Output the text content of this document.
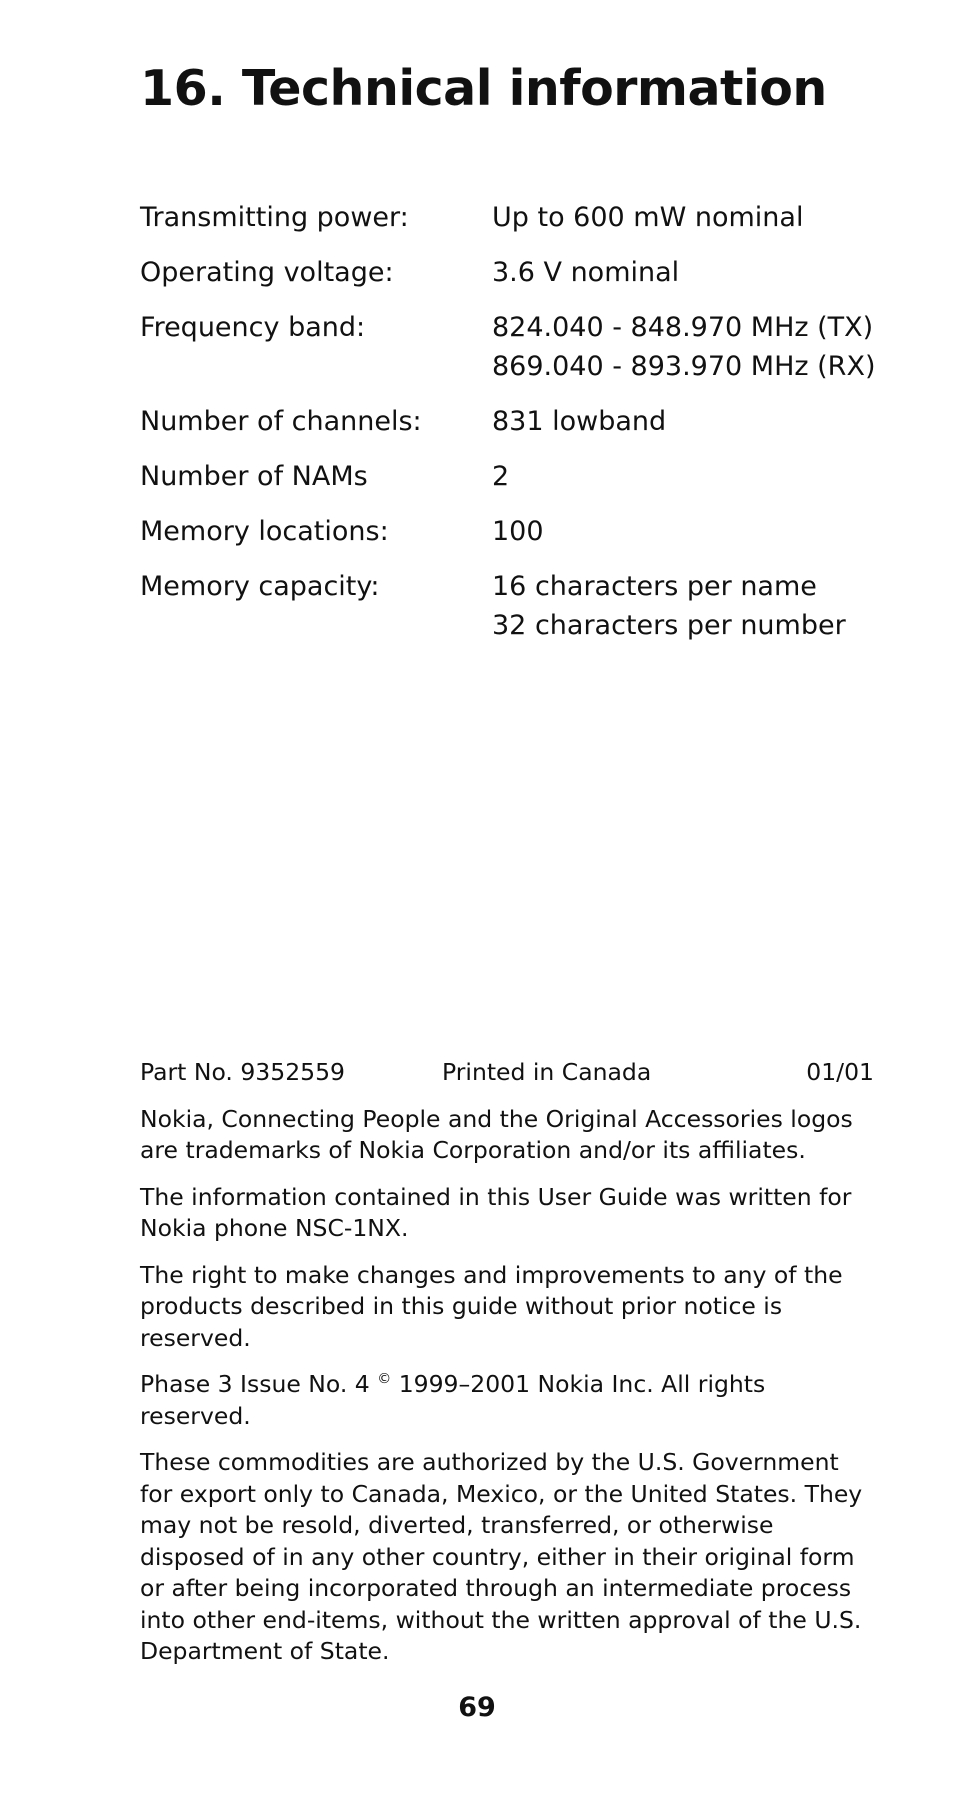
16. Technical information
Transmitting power:	Up to 600 mW nominal
Operating voltage:	3.6 V nominal
Frequency band:	824.040 - 848.970 MHz (TX)
869.040 - 893.970 MHz (RX)
Number of channels:	831 lowband
Number of NAMs	2
Memory locations:	100
Memory capacity:	16 characters per name
32 characters per number
Part No. 9352559	Printed in Canada	01/01

Nokia, Connecting People and the Original Accessories logos are trademarks of Nokia Corporation and/or its affiliates.

The information contained in this User Guide was written for Nokia phone NSC-1NX.

The right to make changes and improvements to any of the products described in this guide without prior notice is reserved.

Phase 3 Issue No. 4 © 1999–2001 Nokia Inc. All rights reserved.

These commodities are authorized by the U.S. Government for export only to Canada, Mexico, or the United States. They may not be resold, diverted, transferred, or otherwise disposed of in any other country, either in their original form or after being incorporated through an intermediate process into other end-items, without the written approval of the U.S. Department of State.

69
